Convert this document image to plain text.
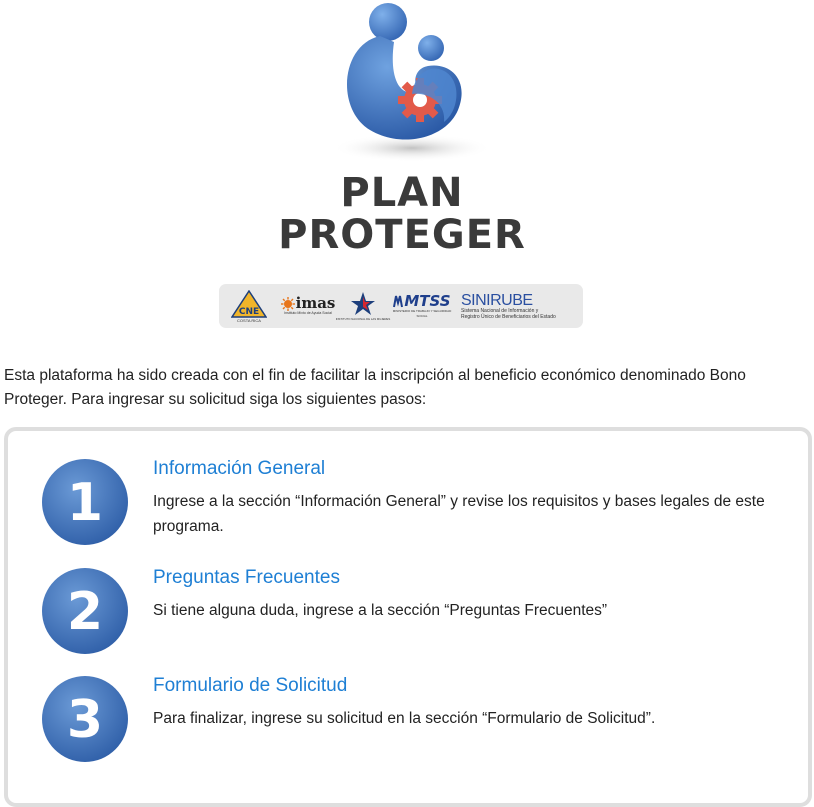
PLAN

PROTEGER

CNE
COSTA RICA
imas
Instituto Mixto de Ayuda Social
INSTITUTO NACIONAL DE LAS MUJERES
MTSS
MINISTERIO DE TRABAJO Y SEGURIDAD SOCIAL
SINIRUBE
Sistema Nacional de Información y
Registro Único de Beneficiarios del Estado

Esta plataforma ha sido creada con el fin de facilitar la inscripción al beneficio económico denominado Bono Proteger. Para ingresar su solicitud siga los siguientes pasos:

1
Información General

Ingrese a la sección “Información General” y revise los requisitos y bases legales de este programa.

2
Preguntas Frecuentes

Si tiene alguna duda, ingrese a la sección “Preguntas Frecuentes”

3
Formulario de Solicitud

Para finalizar, ingrese su solicitud en la sección “Formulario de Solicitud”.
